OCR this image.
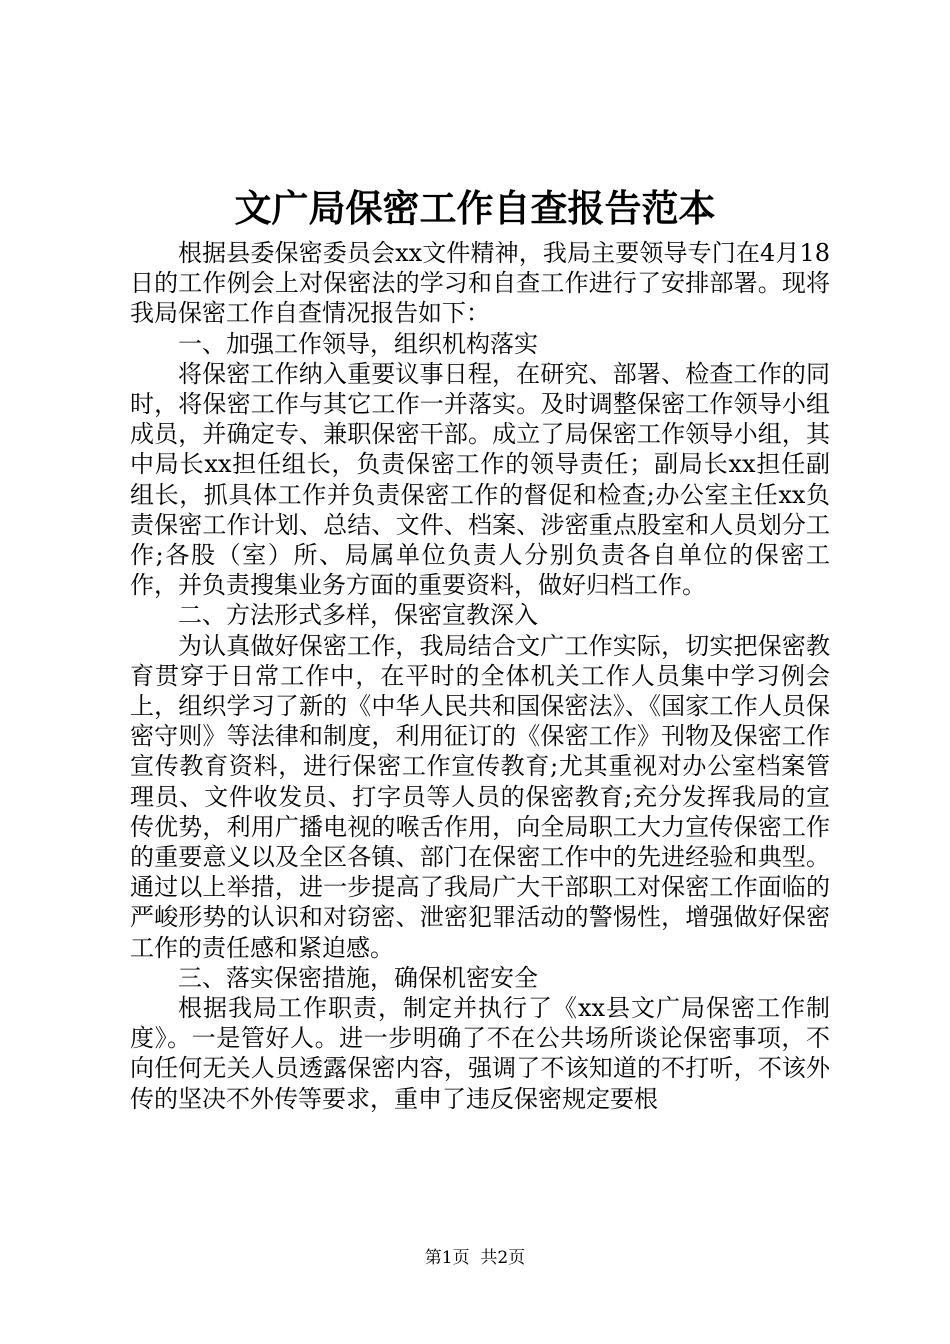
文广局保密工作自查报告范本

根据县委保密委员会xx文件精神，我局主要领导专门在4月18日的工作例会上对保密法的学习和自查工作进行了安排部署。现将我局保密工作自查情况报告如下：

一、加强工作领导，组织机构落实

将保密工作纳入重要议事日程，在研究、部署、检查工作的同时，将保密工作与其它工作一并落实。及时调整保密工作领导小组成员，并确定专、兼职保密干部。成立了局保密工作领导小组，其中局长xx担任组长，负责保密工作的领导责任；副局长xx担任副组长，抓具体工作并负责保密工作的督促和检查;办公室主任xx负责保密工作计划、总结、文件、档案、涉密重点股室和人员划分工作;各股（室）所、局属单位负责人分别负责各自单位的保密工作，并负责搜集业务方面的重要资料，做好归档工作。

二、方法形式多样，保密宣教深入

为认真做好保密工作，我局结合文广工作实际，切实把保密教育贯穿于日常工作中，在平时的全体机关工作人员集中学习例会上，组织学习了新的《中华人民共和国保密法》、《国家工作人员保密守则》等法律和制度，利用征订的《保密工作》刊物及保密工作宣传教育资料，进行保密工作宣传教育;尤其重视对办公室档案管理员、文件收发员、打字员等人员的保密教育;充分发挥我局的宣传优势，利用广播电视的喉舌作用，向全局职工大力宣传保密工作的重要意义以及全区各镇、部门在保密工作中的先进经验和典型。通过以上举措，进一步提高了我局广大干部职工对保密工作面临的严峻形势的认识和对窃密、泄密犯罪活动的警惕性，增强做好保密工作的责任感和紧迫感。

三、落实保密措施，确保机密安全

根据我局工作职责，制定并执行了《xx县文广局保密工作制度》。一是管好人。进一步明确了不在公共场所谈论保密事项，不向任何无关人员透露保密内容，强调了不该知道的不打听，不该外传的坚决不外传等要求，重申了违反保密规定要根

第1页 共2页
